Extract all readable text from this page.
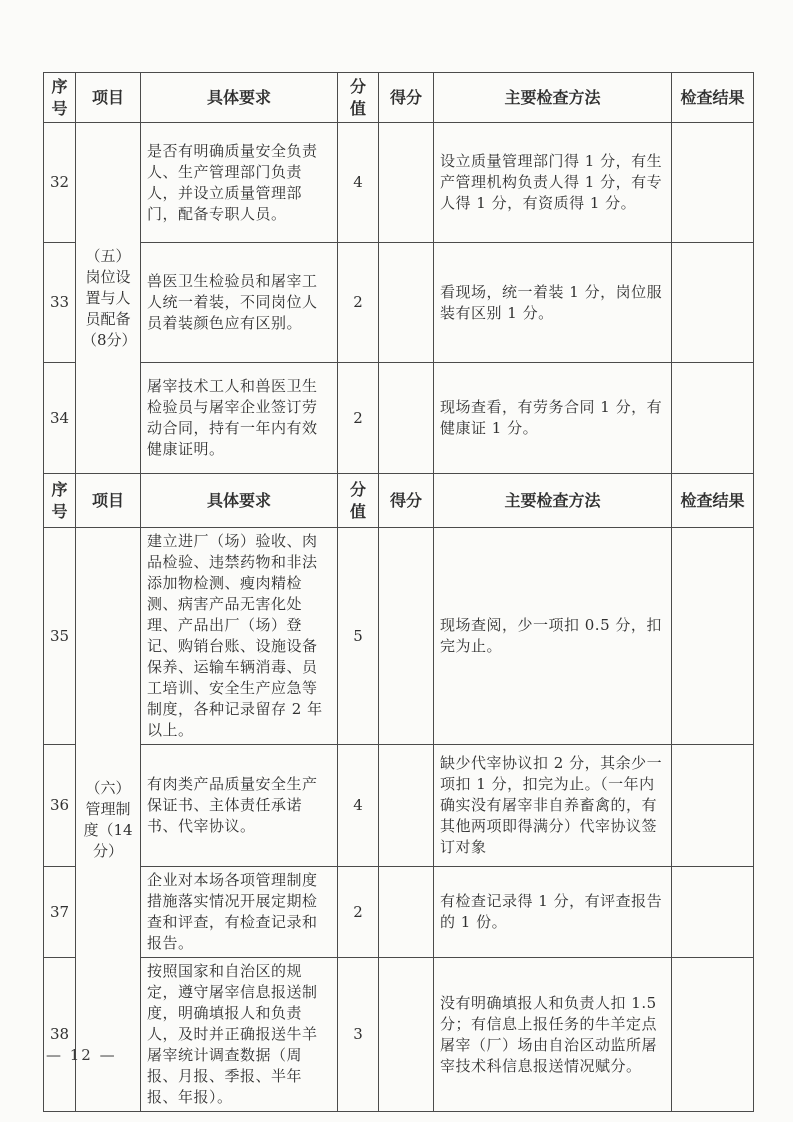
序号	项目	具体要求	分值	得分	主要检查方法	检查结果
32	（五）岗位设置与人员配备（8分）	是否有明确质量安全负责人、生产管理部门负责人，并设立质量管理部门，配备专职人员。	4		设立质量管理部门得 1 分，有生产管理机构负责人得 1 分，有专人得 1 分，有资质得 1 分。	
33		兽医卫生检验员和屠宰工人统一着装，不同岗位人员着装颜色应有区别。	2		看现场，统一着装 1 分，岗位服装有区别 1 分。	
34		屠宰技术工人和兽医卫生检验员与屠宰企业签订劳动合同，持有一年内有效健康证明。	2		现场查看，有劳务合同 1 分，有健康证 1 分。	

序号	项目	具体要求	分值	得分	主要检查方法	检查结果
35	（六）管理制度（14分）	建立进厂（场）验收、肉品检验、违禁药物和非法添加物检测、瘦肉精检测、病害产品无害化处理、产品出厂（场）登记、购销台账、设施设备保养、运输车辆消毒、员工培训、安全生产应急等制度，各种记录留存 2 年以上。	5		现场查阅，少一项扣 0.5 分，扣完为止。	
36		有肉类产品质量安全生产保证书、主体责任承诺书、代宰协议。	4		缺少代宰协议扣 2 分，其余少一项扣 1 分，扣完为止。（一年内确实没有屠宰非自养畜禽的，有其他两项即得满分）代宰协议签订对象	
37		企业对本场各项管理制度措施落实情况开展定期检查和评查，有检查记录和报告。	2		有检查记录得 1 分，有评查报告的 1 份。	
38		按照国家和自治区的规定，遵守屠宰信息报送制度，明确填报人和负责人，及时并正确报送牛羊屠宰统计调查数据（周报、月报、季报、半年报、年报）。	3		没有明确填报人和负责人扣 1.5 分；有信息上报任务的牛羊定点屠宰（厂）场由自治区动监所屠宰技术科信息报送情况赋分。	
— 12 —
